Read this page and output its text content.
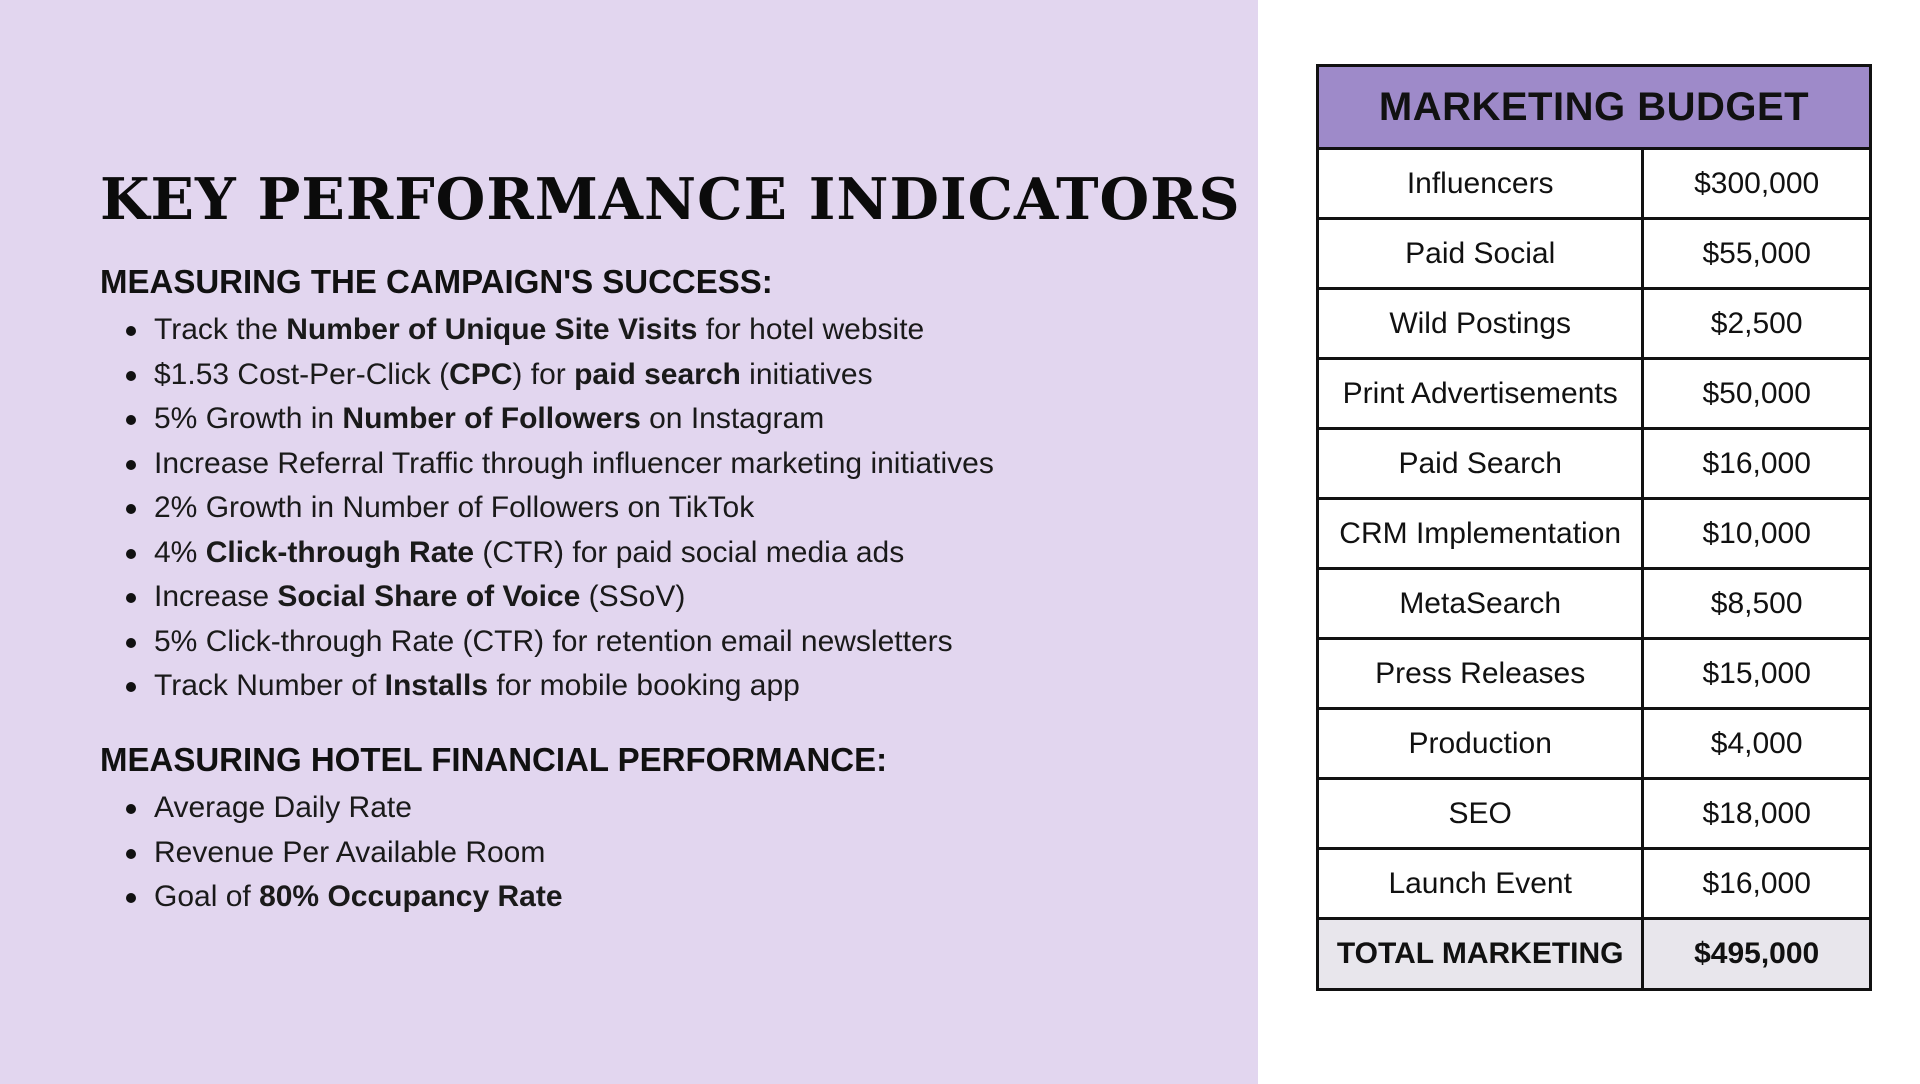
KEY PERFORMANCE INDICATORS
MEASURING THE CAMPAIGN'S SUCCESS:
Track the Number of Unique Site Visits for hotel website
$1.53 Cost-Per-Click (CPC) for paid search initiatives
5% Growth in Number of Followers on Instagram
Increase Referral Traffic through influencer marketing initiatives
2% Growth in Number of Followers on TikTok
4% Click-through Rate (CTR) for paid social media ads
Increase Social Share of Voice (SSoV)
5% Click-through Rate (CTR) for retention email newsletters
Track Number of Installs for mobile booking app
MEASURING HOTEL FINANCIAL PERFORMANCE:
Average Daily Rate
Revenue Per Available Room
Goal of 80% Occupancy Rate
MARKETING BUDGET	
Influencers	$300,000
Paid Social	$55,000
Wild Postings	$2,500
Print Advertisements	$50,000
Paid Search	$16,000
CRM Implementation	$10,000
MetaSearch	$8,500
Press Releases	$15,000
Production	$4,000
SEO	$18,000
Launch Event	$16,000
TOTAL MARKETING	$495,000
